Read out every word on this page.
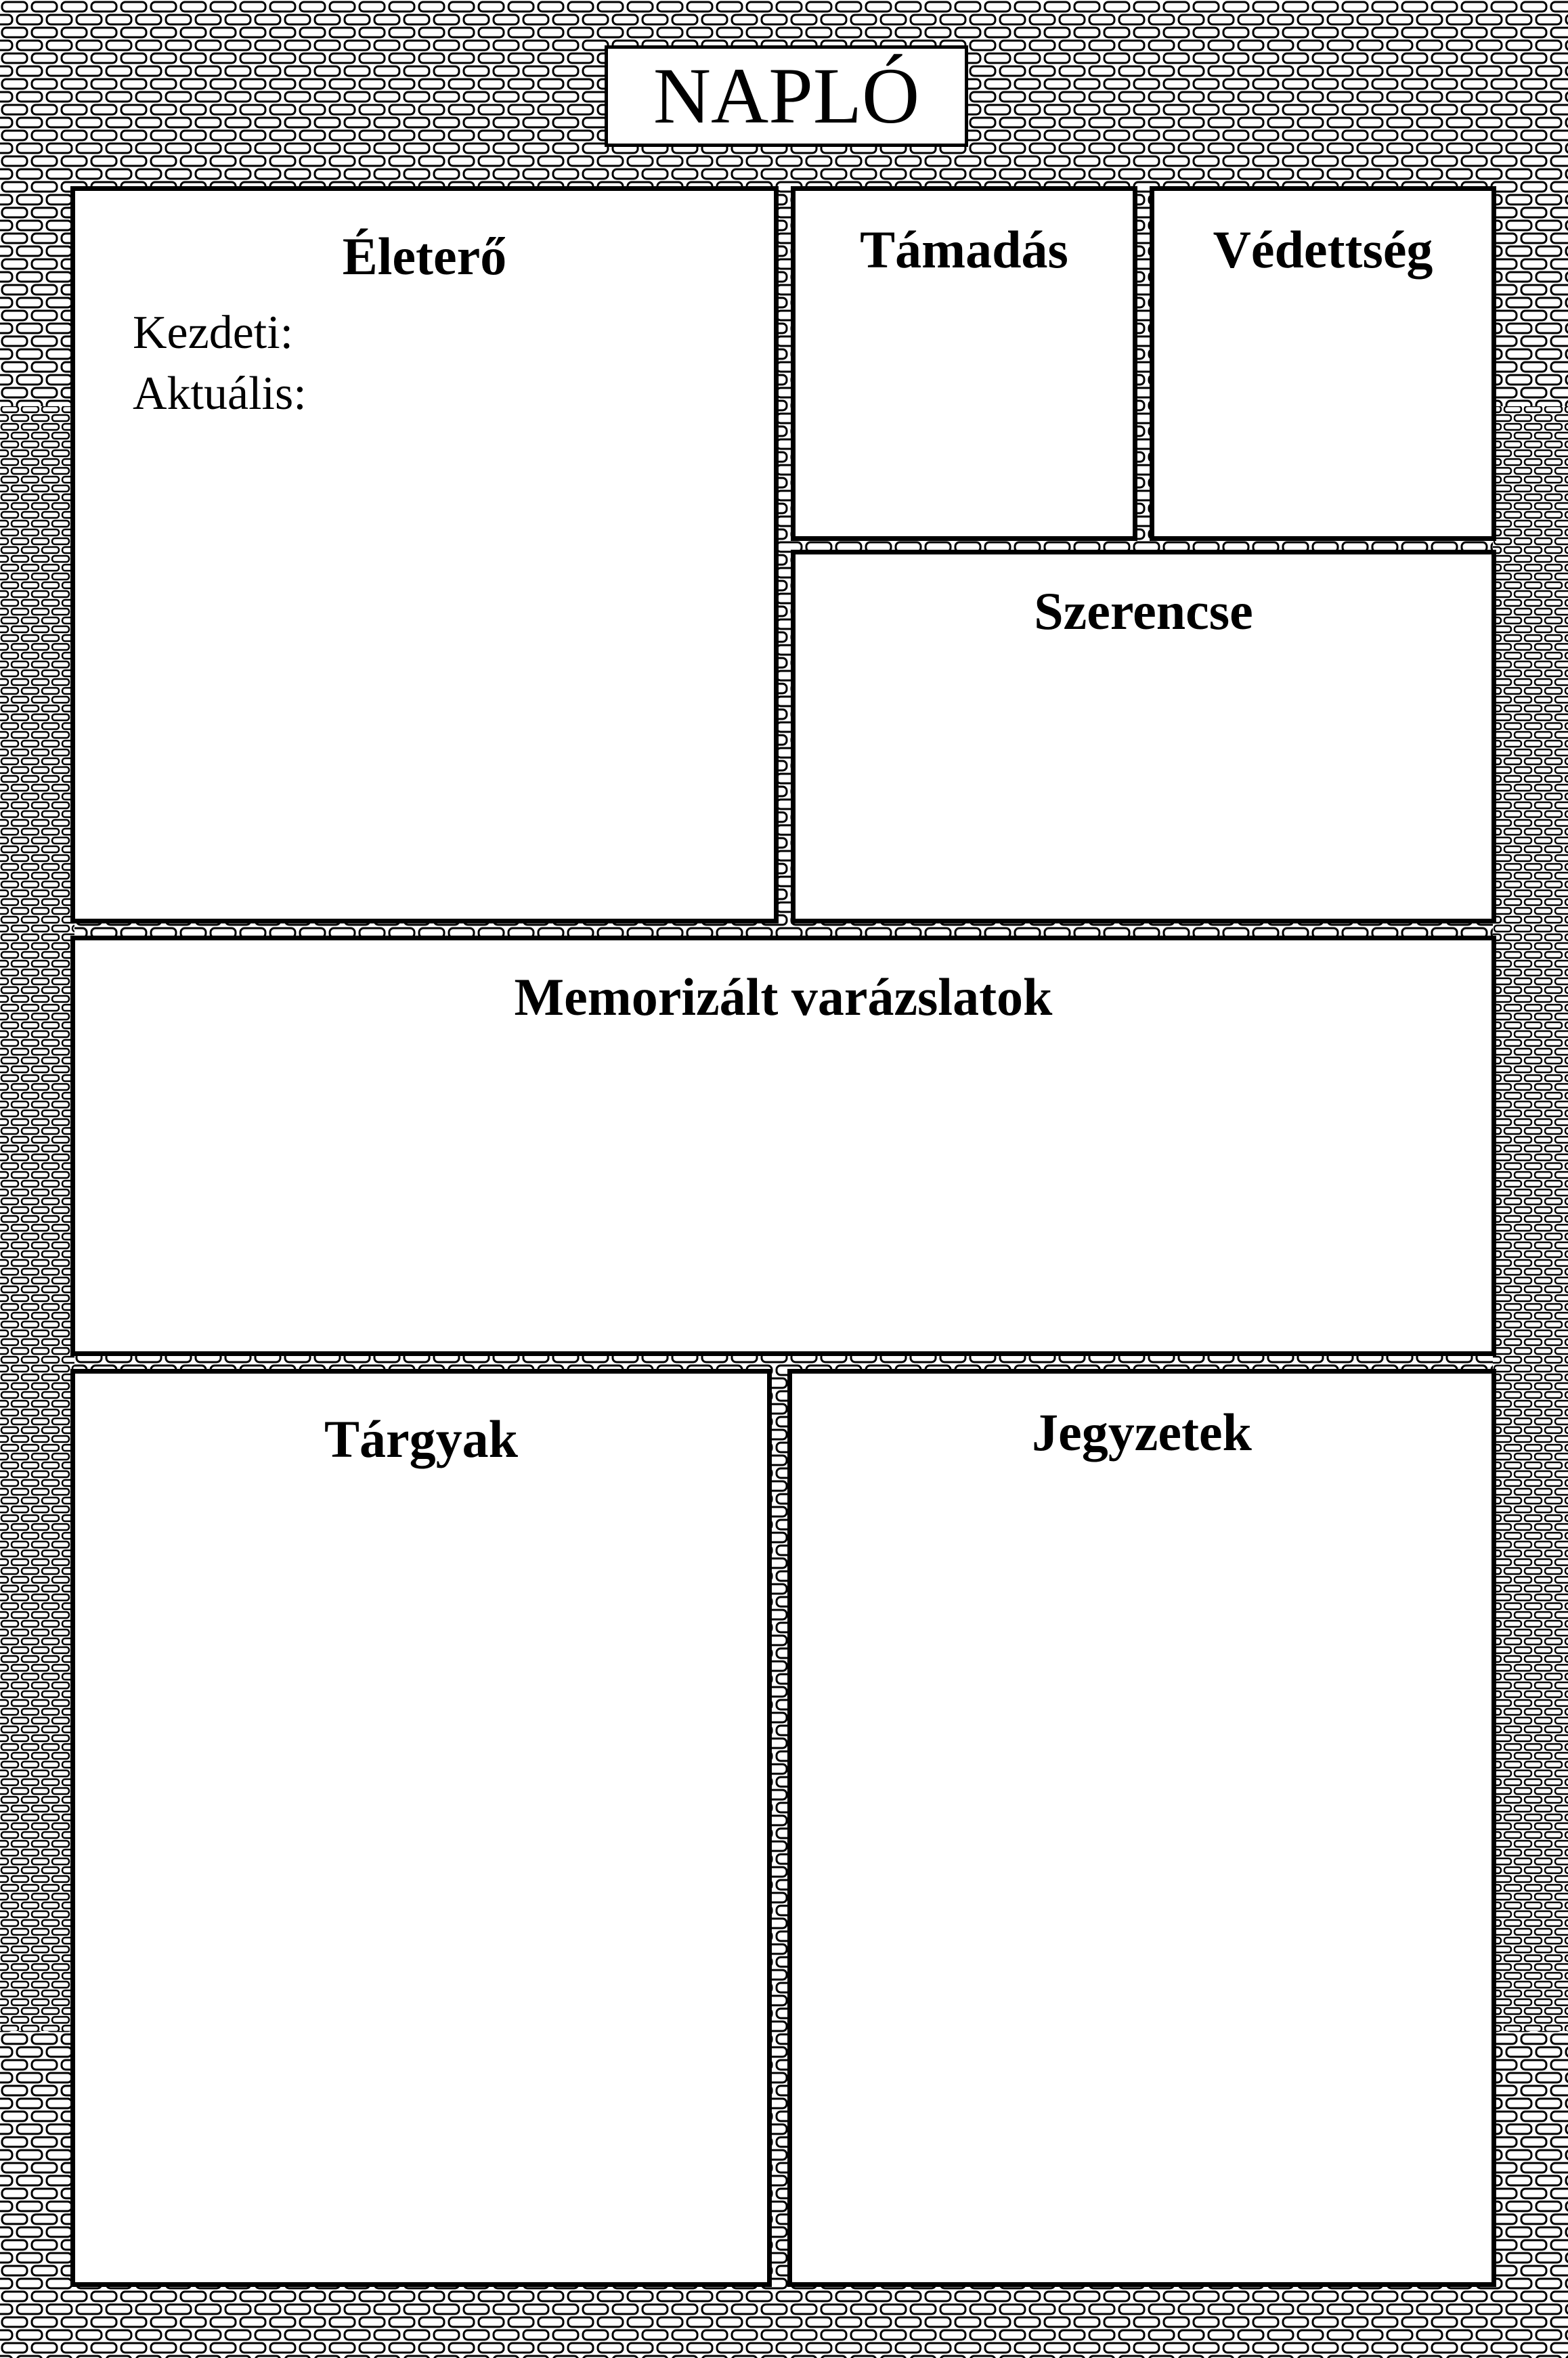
NAPLÓ
Életerő
Kezdeti:
Aktuális:
Támadás	Védettség
Szerencse
Memorizált varázslatok
Tárgyak	Jegyzetek
